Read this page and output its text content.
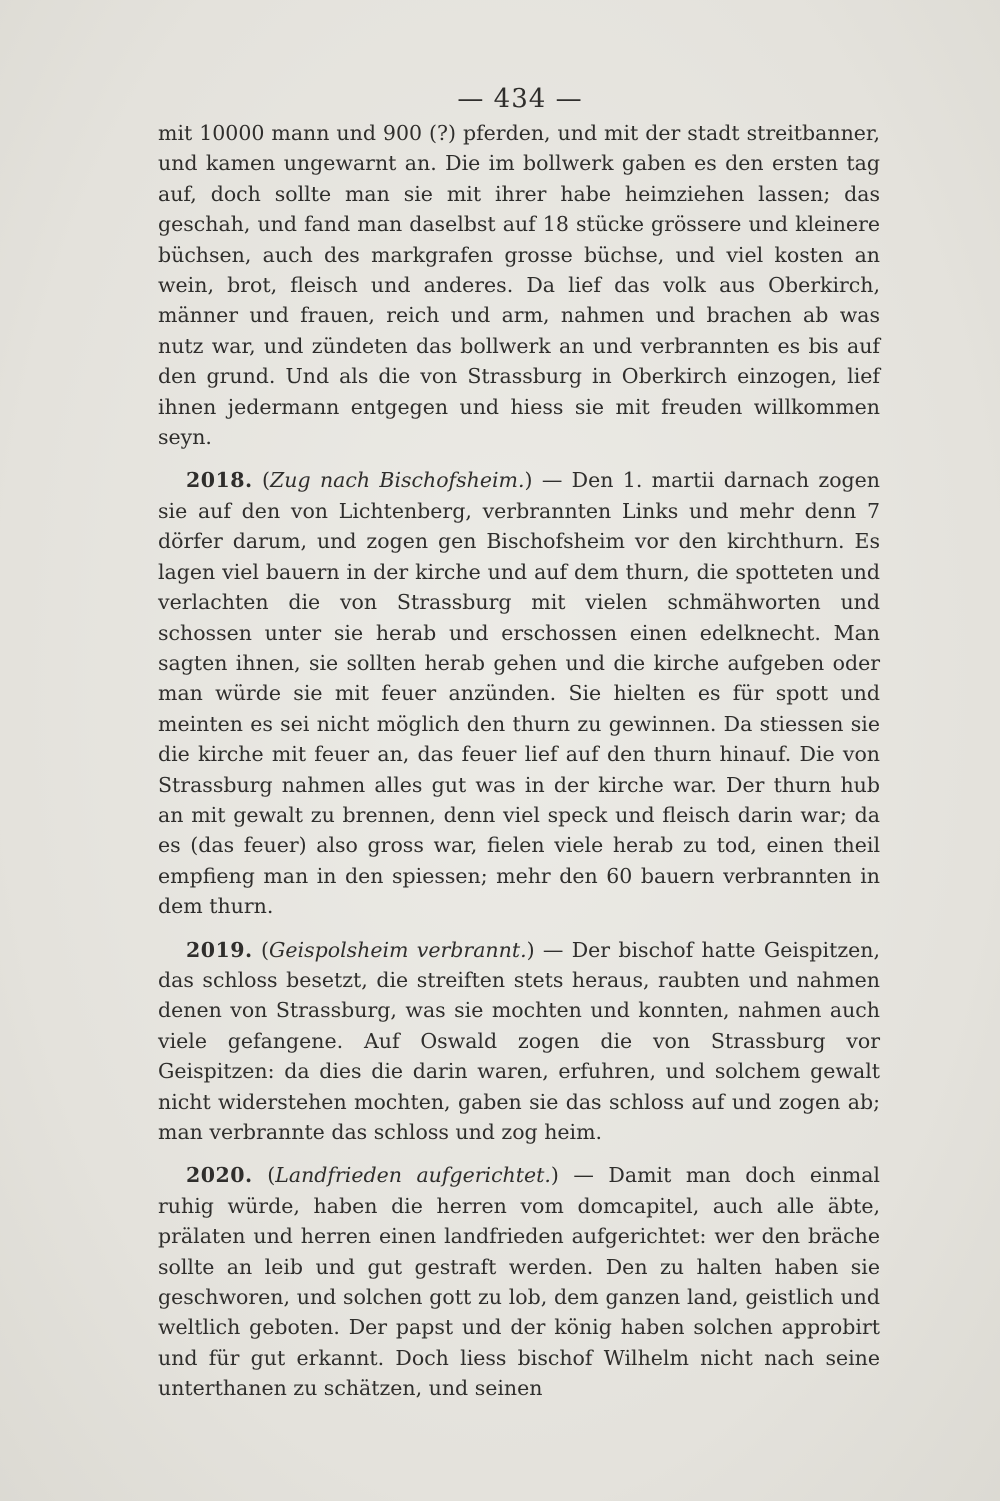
— 434 —

mit 10000 mann und 900 (?) pferden, und mit der stadt streitbanner, und kamen ungewarnt an. Die im bollwerk gaben es den ersten tag auf, doch sollte man sie mit ihrer habe heimziehen lassen; das geschah, und fand man daselbst auf 18 stücke grössere und kleinere büchsen, auch des markgrafen grosse büchse, und viel kosten an wein, brot, fleisch und anderes. Da lief das volk aus Oberkirch, männer und frauen, reich und arm, nahmen und brachen ab was nutz war, und zündeten das bollwerk an und verbrannten es bis auf den grund. Und als die von Strassburg in Oberkirch einzogen, lief ihnen jedermann entgegen und hiess sie mit freuden willkommen seyn.

2018. (Zug nach Bischofsheim.) — Den 1. martii darnach zogen sie auf den von Lichtenberg, verbrannten Links und mehr denn 7 dörfer darum, und zogen gen Bischofsheim vor den kirchthurn. Es lagen viel bauern in der kirche und auf dem thurn, die spotteten und verlachten die von Strassburg mit vielen schmähworten und schossen unter sie herab und erschossen einen edelknecht. Man sagten ihnen, sie sollten herab gehen und die kirche aufgeben oder man würde sie mit feuer anzünden. Sie hielten es für spott und meinten es sei nicht möglich den thurn zu gewinnen. Da stiessen sie die kirche mit feuer an, das feuer lief auf den thurn hinauf. Die von Strassburg nahmen alles gut was in der kirche war. Der thurn hub an mit gewalt zu brennen, denn viel speck und fleisch darin war; da es (das feuer) also gross war, fielen viele herab zu tod, einen theil empfieng man in den spiessen; mehr den 60 bauern verbrannten in dem thurn.

2019. (Geispolsheim verbrannt.) — Der bischof hatte Geispitzen, das schloss besetzt, die streiften stets heraus, raubten und nahmen denen von Strassburg, was sie mochten und konnten, nahmen auch viele gefangene. Auf Oswald zogen die von Strassburg vor Geispitzen: da dies die darin waren, erfuhren, und solchem gewalt nicht widerstehen mochten, gaben sie das schloss auf und zogen ab; man verbrannte das schloss und zog heim.

2020. (Landfrieden aufgerichtet.) — Damit man doch einmal ruhig würde, haben die herren vom domcapitel, auch alle äbte, prälaten und herren einen landfrieden aufgerichtet: wer den bräche sollte an leib und gut gestraft werden. Den zu halten haben sie geschworen, und solchen gott zu lob, dem ganzen land, geistlich und weltlich geboten. Der papst und der könig haben solchen approbirt und für gut erkannt. Doch liess bischof Wilhelm nicht nach seine unterthanen zu schätzen, und seinen
